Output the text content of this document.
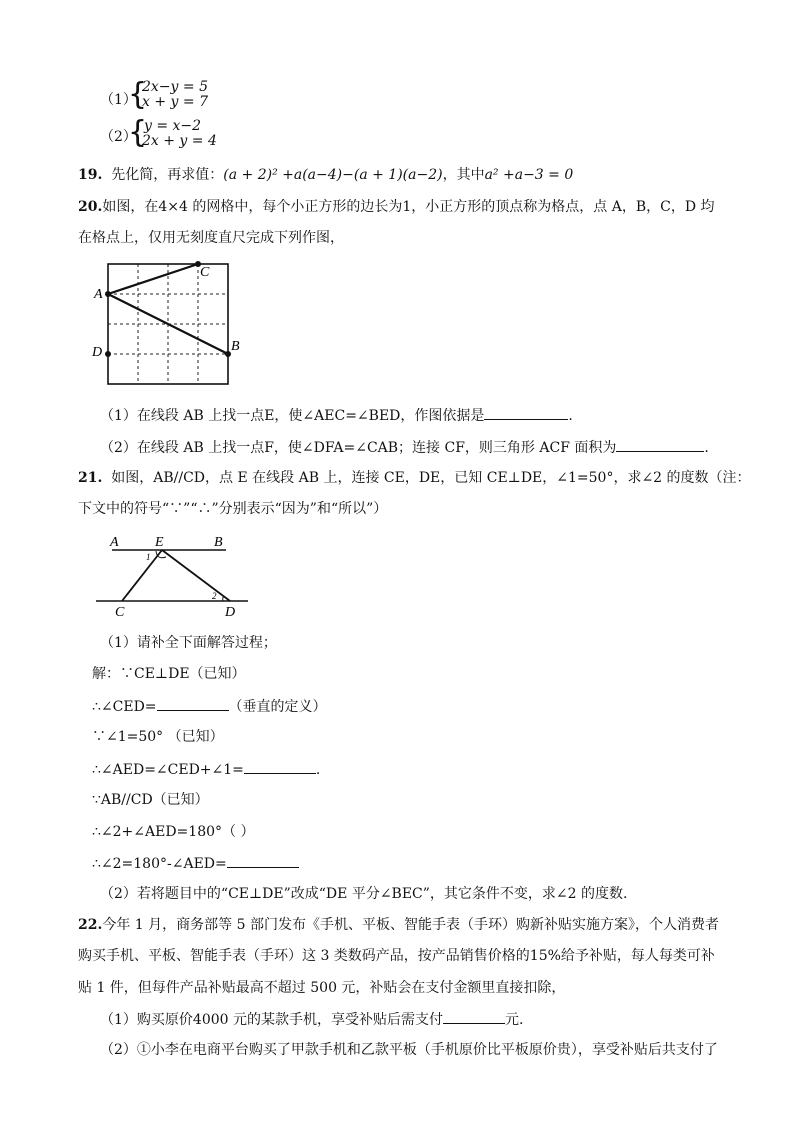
（1）
{
2x−y = 5
x + y = 7
（2）
{
y = x−2
2x + y = 4
19. 先化简，再求值：(a + 2)² +a(a−4)−(a + 1)(a−2)，其中a² +a−3 = 0
20.如图，在4×4 的网格中，每个小正方形的边长为1，小正方形的顶点称为格点，点 A，B，C，D 均
在格点上，仅用无刻度直尺完成下列作图，
A
C
B
D
（1）在线段 AB 上找一点E，使∠AEC=∠BED，作图依据是	.
（2）在线段 AB 上找一点F，使∠DFA=∠CAB；连接 CF，则三角形 ACF 面积为	.
21. 如图，AB//CD，点 E 在线段 AB 上，连接 CE，DE，已知 CE⊥DE，∠1=50°，求∠2 的度数（注：
下文中的符号“∵”“∴”分别表示“因为”和“所以”）
A	E	B
C	D
1
2
（1）请补全下面解答过程；
解：∵CE⊥DE（已知）
∴∠CED=	（垂直的定义）
∵∠1=50° （已知）
∴∠AED=∠CED+∠1=	.
∵AB//CD（已知）
∴∠2+∠AED=180°（ ）
∴∠2=180°-∠AED=
（2）若将题目中的“CE⊥DE”改成“DE 平分∠BEC”，其它条件不变，求∠2 的度数.
22.今年 1 月，商务部等 5 部门发布《手机、平板、智能手表（手环）购新补贴实施方案》，个人消费者
购买手机、平板、智能手表（手环）这 3 类数码产品，按产品销售价格的15%给予补贴，每人每类可补
贴 1 件，但每件产品补贴最高不超过 500 元，补贴会在支付金额里直接扣除，
（1）购买原价4000 元的某款手机，享受补贴后需支付	元.
（2）①小李在电商平台购买了甲款手机和乙款平板（手机原价比平板原价贵），享受补贴后共支付了
